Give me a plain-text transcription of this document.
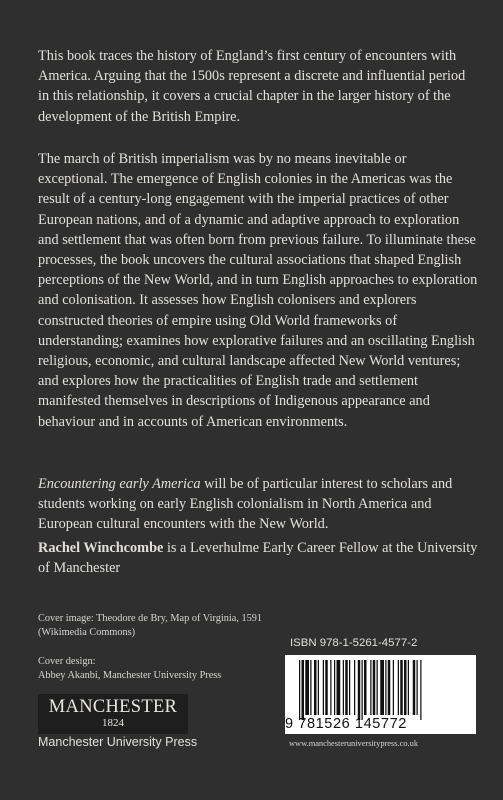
This book traces the history of England’s first century of encounters with America. Arguing that the 1500s represent a discrete and influential period in this relationship, it covers a crucial chapter in the larger history of the development of the British Empire.

The march of British imperialism was by no means inevitable or exceptional. The emergence of English colonies in the Americas was the result of a century-long engagement with the imperial practices of other European nations, and of a dynamic and adaptive approach to exploration and settlement that was often born from previous failure. To illuminate these processes, the book uncovers the cultural associations that shaped English perceptions of the New World, and in turn English approaches to exploration and colonisation. It assesses how English colonisers and explorers constructed theories of empire using Old World frameworks of understanding; examines how explorative failures and an oscillating English religious, economic, and cultural landscape affected New World ventures; and explores how the practicalities of English trade and settlement manifested themselves in descriptions of Indigenous appearance and behaviour and in accounts of American environments.

Encountering early America will be of particular interest to scholars and students working on early English colonialism in North America and European cultural encounters with the New World.

Rachel Winchcombe is a Leverhulme Early Career Fellow at the University of Manchester

Cover image: Theodore de Bry, Map of Virginia, 1591 (Wikimedia Commons)
Cover design:
Abbey Akanbi, Manchester University Press
MANCHESTER
1824
Manchester University Press
ISBN 978-1-5261-4577-2
9 781526 145772
www.manchesteruniversitypress.co.uk
